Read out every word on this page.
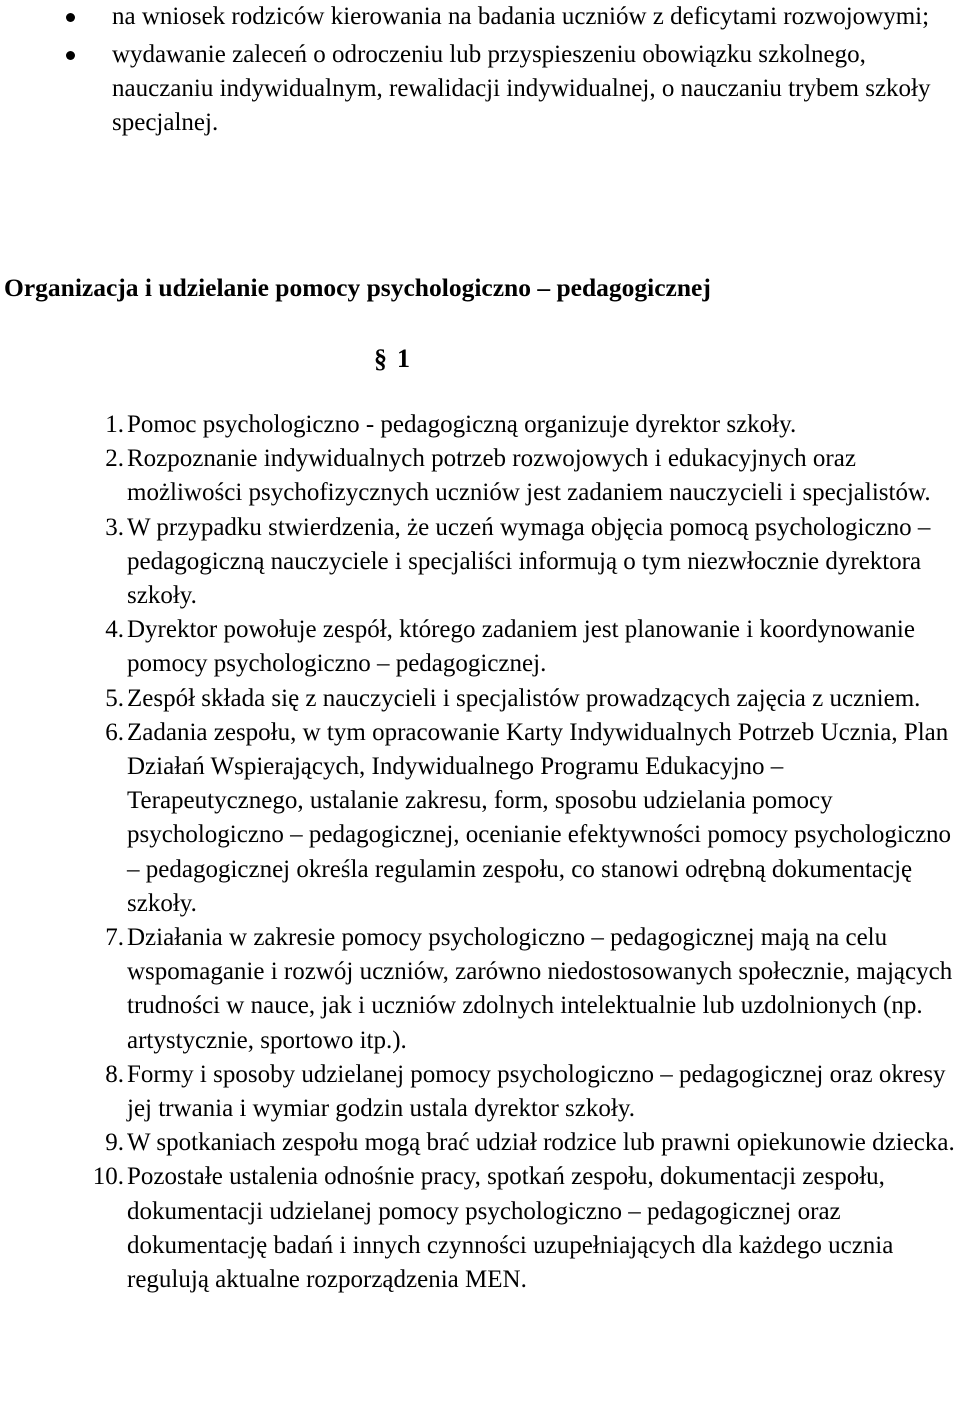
na wniosek rodziców kierowania na badania uczniów z deficytami rozwojowymi;
wydawanie zaleceń o odroczeniu lub przyspieszeniu obowiązku szkolnego, nauczaniu indywidualnym, rewalidacji indywidualnej, o nauczaniu trybem szkoły specjalnej.
Organizacja i udzielanie pomocy psychologiczno – pedagogicznej
§ 1
1. Pomoc psychologiczno - pedagogiczną organizuje dyrektor szkoły.
2. Rozpoznanie indywidualnych potrzeb rozwojowych i edukacyjnych oraz możliwości psychofizycznych uczniów jest zadaniem nauczycieli i specjalistów.
3. W przypadku stwierdzenia, że uczeń wymaga objęcia pomocą psychologiczno – pedagogiczną nauczyciele i specjaliści informują o tym niezwłocznie dyrektora szkoły.
4. Dyrektor powołuje zespół, którego zadaniem jest planowanie i koordynowanie pomocy psychologiczno – pedagogicznej.
5. Zespół składa się z nauczycieli i specjalistów prowadzących zajęcia z uczniem.
6. Zadania zespołu, w tym opracowanie Karty Indywidualnych Potrzeb Ucznia, Plan Działań Wspierających, Indywidualnego Programu Edukacyjno – Terapeutycznego, ustalanie zakresu, form, sposobu udzielania pomocy psychologiczno – pedagogicznej, ocenianie efektywności pomocy psychologiczno – pedagogicznej określa regulamin zespołu, co stanowi odrębną dokumentację szkoły.
7. Działania w zakresie pomocy psychologiczno – pedagogicznej mają na celu wspomaganie i rozwój uczniów, zarówno niedostosowanych społecznie, mających trudności w nauce, jak i uczniów zdolnych intelektualnie lub uzdolnionych (np. artystycznie, sportowo itp.).
8. Formy i sposoby udzielanej pomocy psychologiczno – pedagogicznej oraz okresy jej trwania i wymiar godzin ustala dyrektor szkoły.
9. W spotkaniach zespołu mogą brać udział rodzice lub prawni opiekunowie dziecka.
10. Pozostałe ustalenia odnośnie pracy, spotkań zespołu, dokumentacji zespołu, dokumentacji udzielanej pomocy psychologiczno – pedagogicznej oraz dokumentację badań i innych czynności uzupełniających dla każdego ucznia regulują aktualne rozporządzenia MEN.
